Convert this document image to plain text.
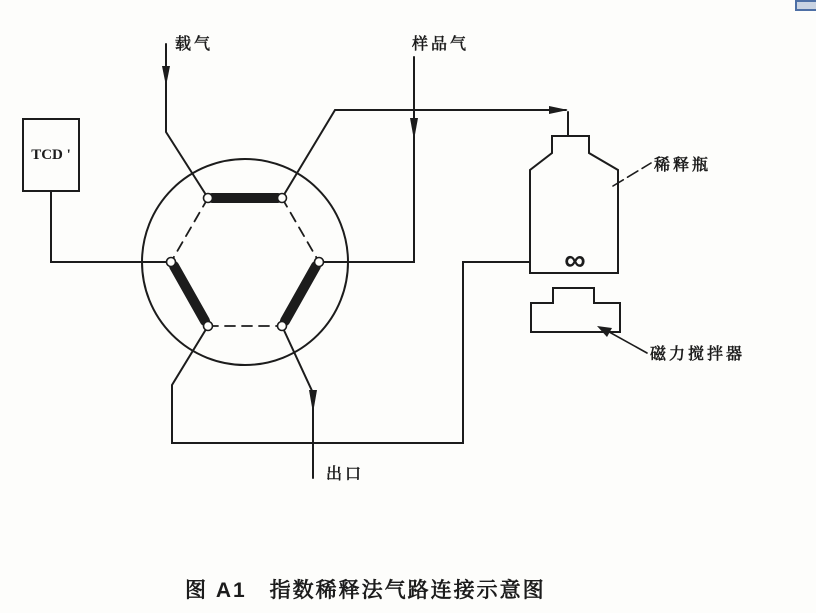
载气	样品气
TCD '
稀释瓶
∞
磁力搅拌器
出口
图 A1　指数稀释法气路连接示意图
